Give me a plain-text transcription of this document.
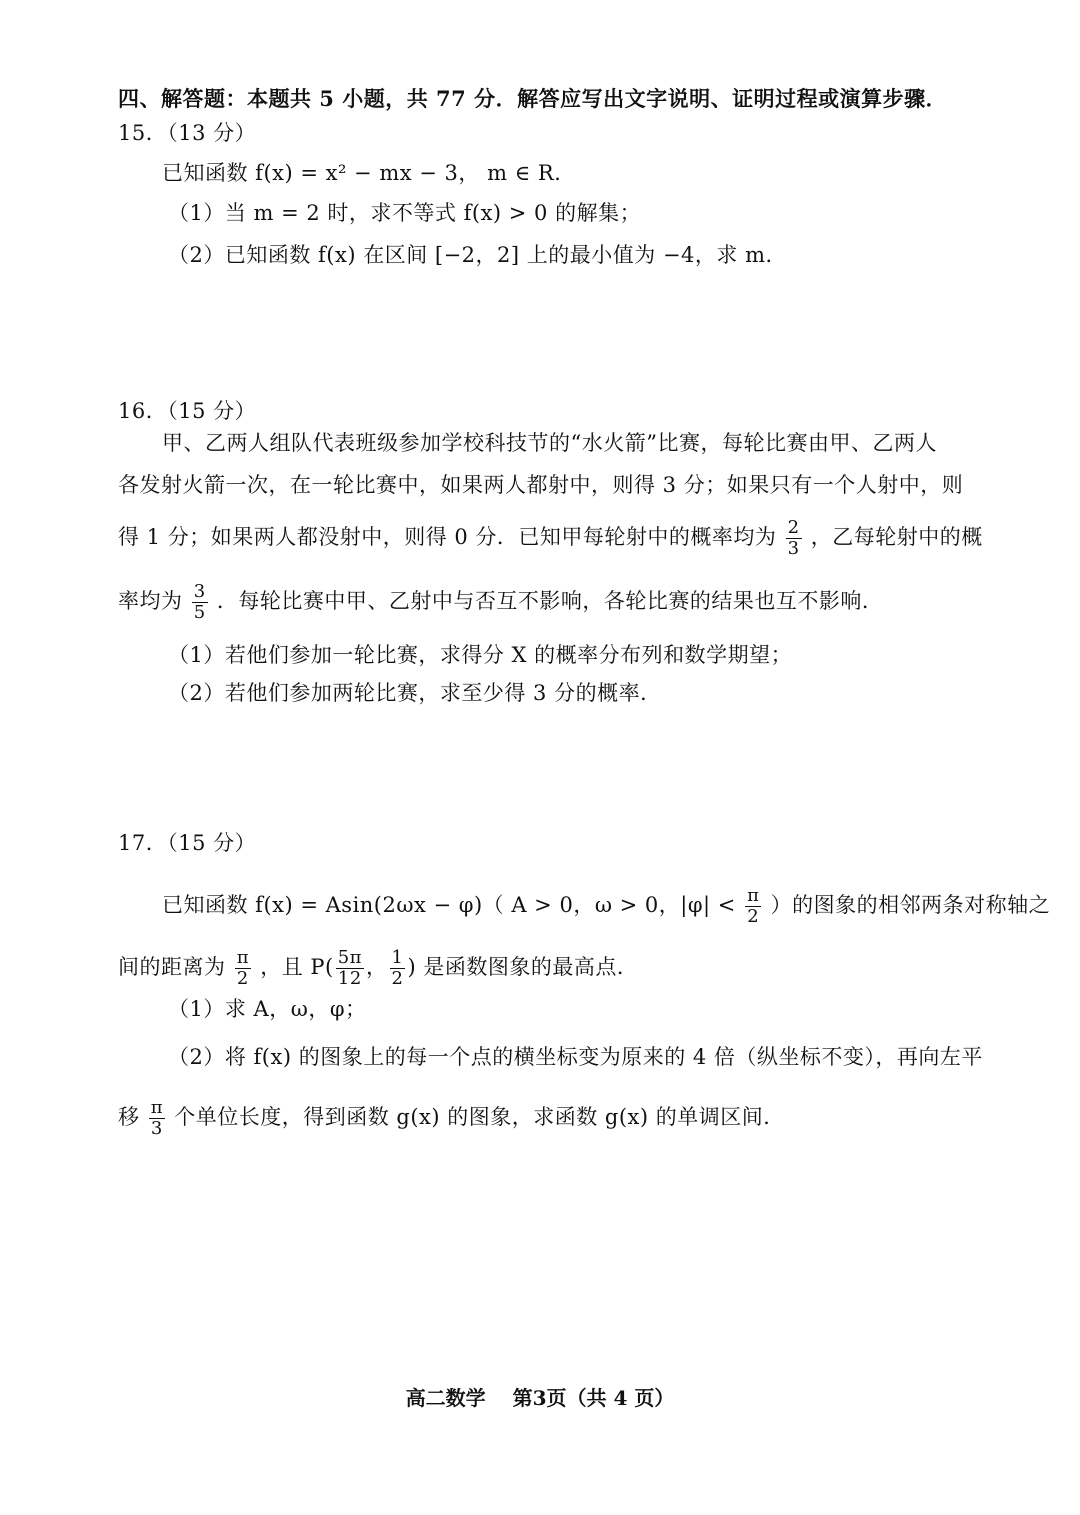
四、解答题：本题共 5 小题，共 77 分．解答应写出文字说明、证明过程或演算步骤．
15．（13 分）
已知函数 f(x) = x² − mx − 3， m ∈ R．
（1）当 m = 2 时，求不等式 f(x) > 0 的解集；
（2）已知函数 f(x) 在区间 [−2，2] 上的最小值为 −4，求 m．
16．（15 分）
甲、乙两人组队代表班级参加学校科技节的“水火箭”比赛，每轮比赛由甲、乙两人
各发射火箭一次，在一轮比赛中，如果两人都射中，则得 3 分；如果只有一个人射中，则
得 1 分；如果两人都没射中，则得 0 分．已知甲每轮射中的概率均为 $\frac{2}{3}$ ，乙每轮射中的概
率均为 $\frac{3}{5}$ ．每轮比赛中甲、乙射中与否互不影响，各轮比赛的结果也互不影响．
（1）若他们参加一轮比赛，求得分 X 的概率分布列和数学期望；
（2）若他们参加两轮比赛，求至少得 3 分的概率．
17．（15 分）
已知函数 f(x) = Asin(2ωx − φ)（ A > 0，ω > 0，$|\varphi| < \frac{\pi}{2}$ ）的图象的相邻两条对称轴之
间的距离为 $\frac{\pi}{2}$ ，且 $P( \frac{5\pi}{12}$ ， $\frac{1}{2}$ ) 是函数图象的最高点．
（1）求 A，ω，φ；
（2）将 f(x) 的图象上的每一个点的横坐标变为原来的 4 倍（纵坐标不变），再向左平
移 $\frac{\pi}{3}$ 个单位长度，得到函数 g(x) 的图象，求函数 g(x) 的单调区间．
高二数学　 第3页（共 4 页）
